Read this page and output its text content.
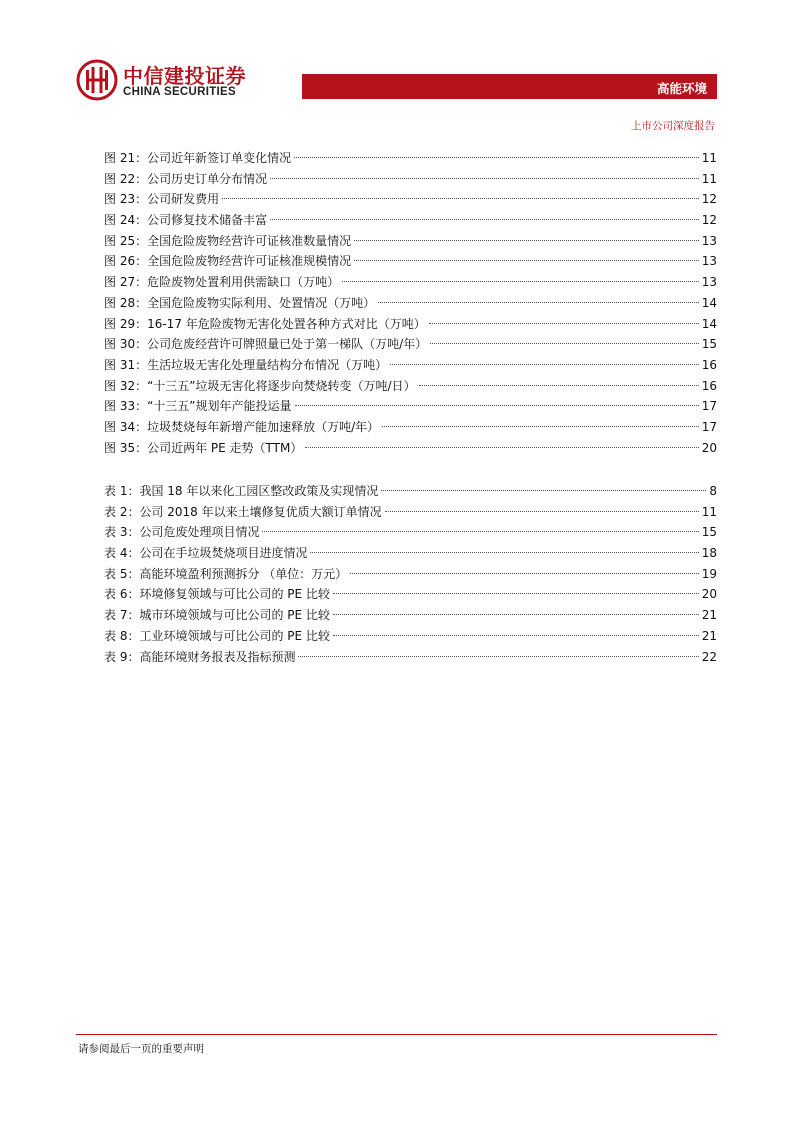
中信建投证券
CHINA SECURITIES	高能环境
上市公司深度报告
图 21：公司近年新签订单变化情况	11
图 22：公司历史订单分布情况	11
图 23：公司研发费用	12
图 24：公司修复技术储备丰富	12
图 25：全国危险废物经营许可证核准数量情况	13
图 26：全国危险废物经营许可证核准规模情况	13
图 27：危险废物处置利用供需缺口（万吨）	13
图 28：全国危险废物实际利用、处置情况（万吨）	14
图 29：16-17 年危险废物无害化处置各种方式对比（万吨）	14
图 30：公司危废经营许可牌照量已处于第一梯队（万吨/年）	15
图 31：生活垃圾无害化处理量结构分布情况（万吨）	16
图 32：“十三五”垃圾无害化将逐步向焚烧转变（万吨/日）	16
图 33：“十三五”规划年产能投运量	17
图 34：垃圾焚烧每年新增产能加速释放（万吨/年）	17
图 35：公司近两年 PE 走势（TTM）	20
表 1：我国 18 年以来化工园区整改政策及实现情况	8
表 2：公司 2018 年以来土壤修复优质大额订单情况	11
表 3：公司危废处理项目情况	15
表 4：公司在手垃圾焚烧项目进度情况	18
表 5：高能环境盈利预测拆分 （单位：万元）	19
表 6：环境修复领域与可比公司的 PE 比较	20
表 7：城市环境领域与可比公司的 PE 比较	21
表 8：工业环境领域与可比公司的 PE 比较	21
表 9：高能环境财务报表及指标预测	22
请参阅最后一页的重要声明
